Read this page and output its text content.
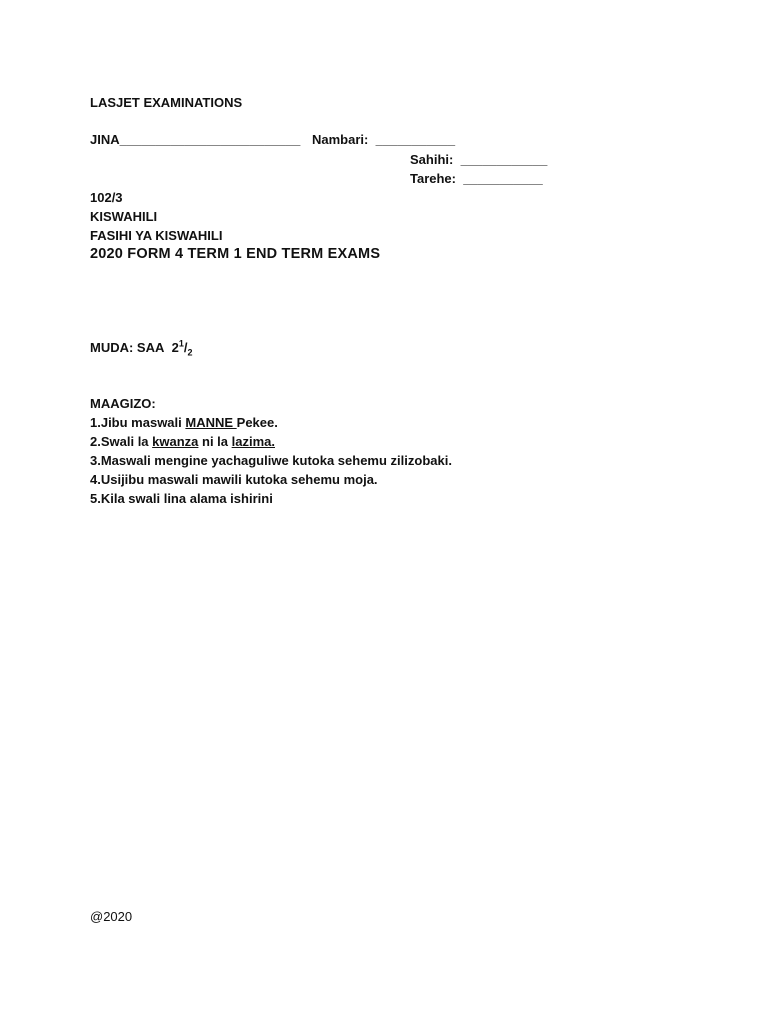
LASJET EXAMINATIONS
JINA_________________________ Nambari: ___________
Sahihi: ____________
Tarehe: ___________
102/3
KISWAHILI
FASIHI YA KISWAHILI
2020 FORM 4 TERM 1 END TERM EXAMS
MUDA: SAA $2^1/_2$
MAAGIZO:
1.Jibu maswali MANNE Pekee.
2.Swali la kwanza ni la lazima.
3.Maswali mengine yachaguliwe kutoka sehemu zilizobaki.
4.Usijibu maswali mawili kutoka sehemu moja.
5.Kila swali lina alama ishirini
@2020
